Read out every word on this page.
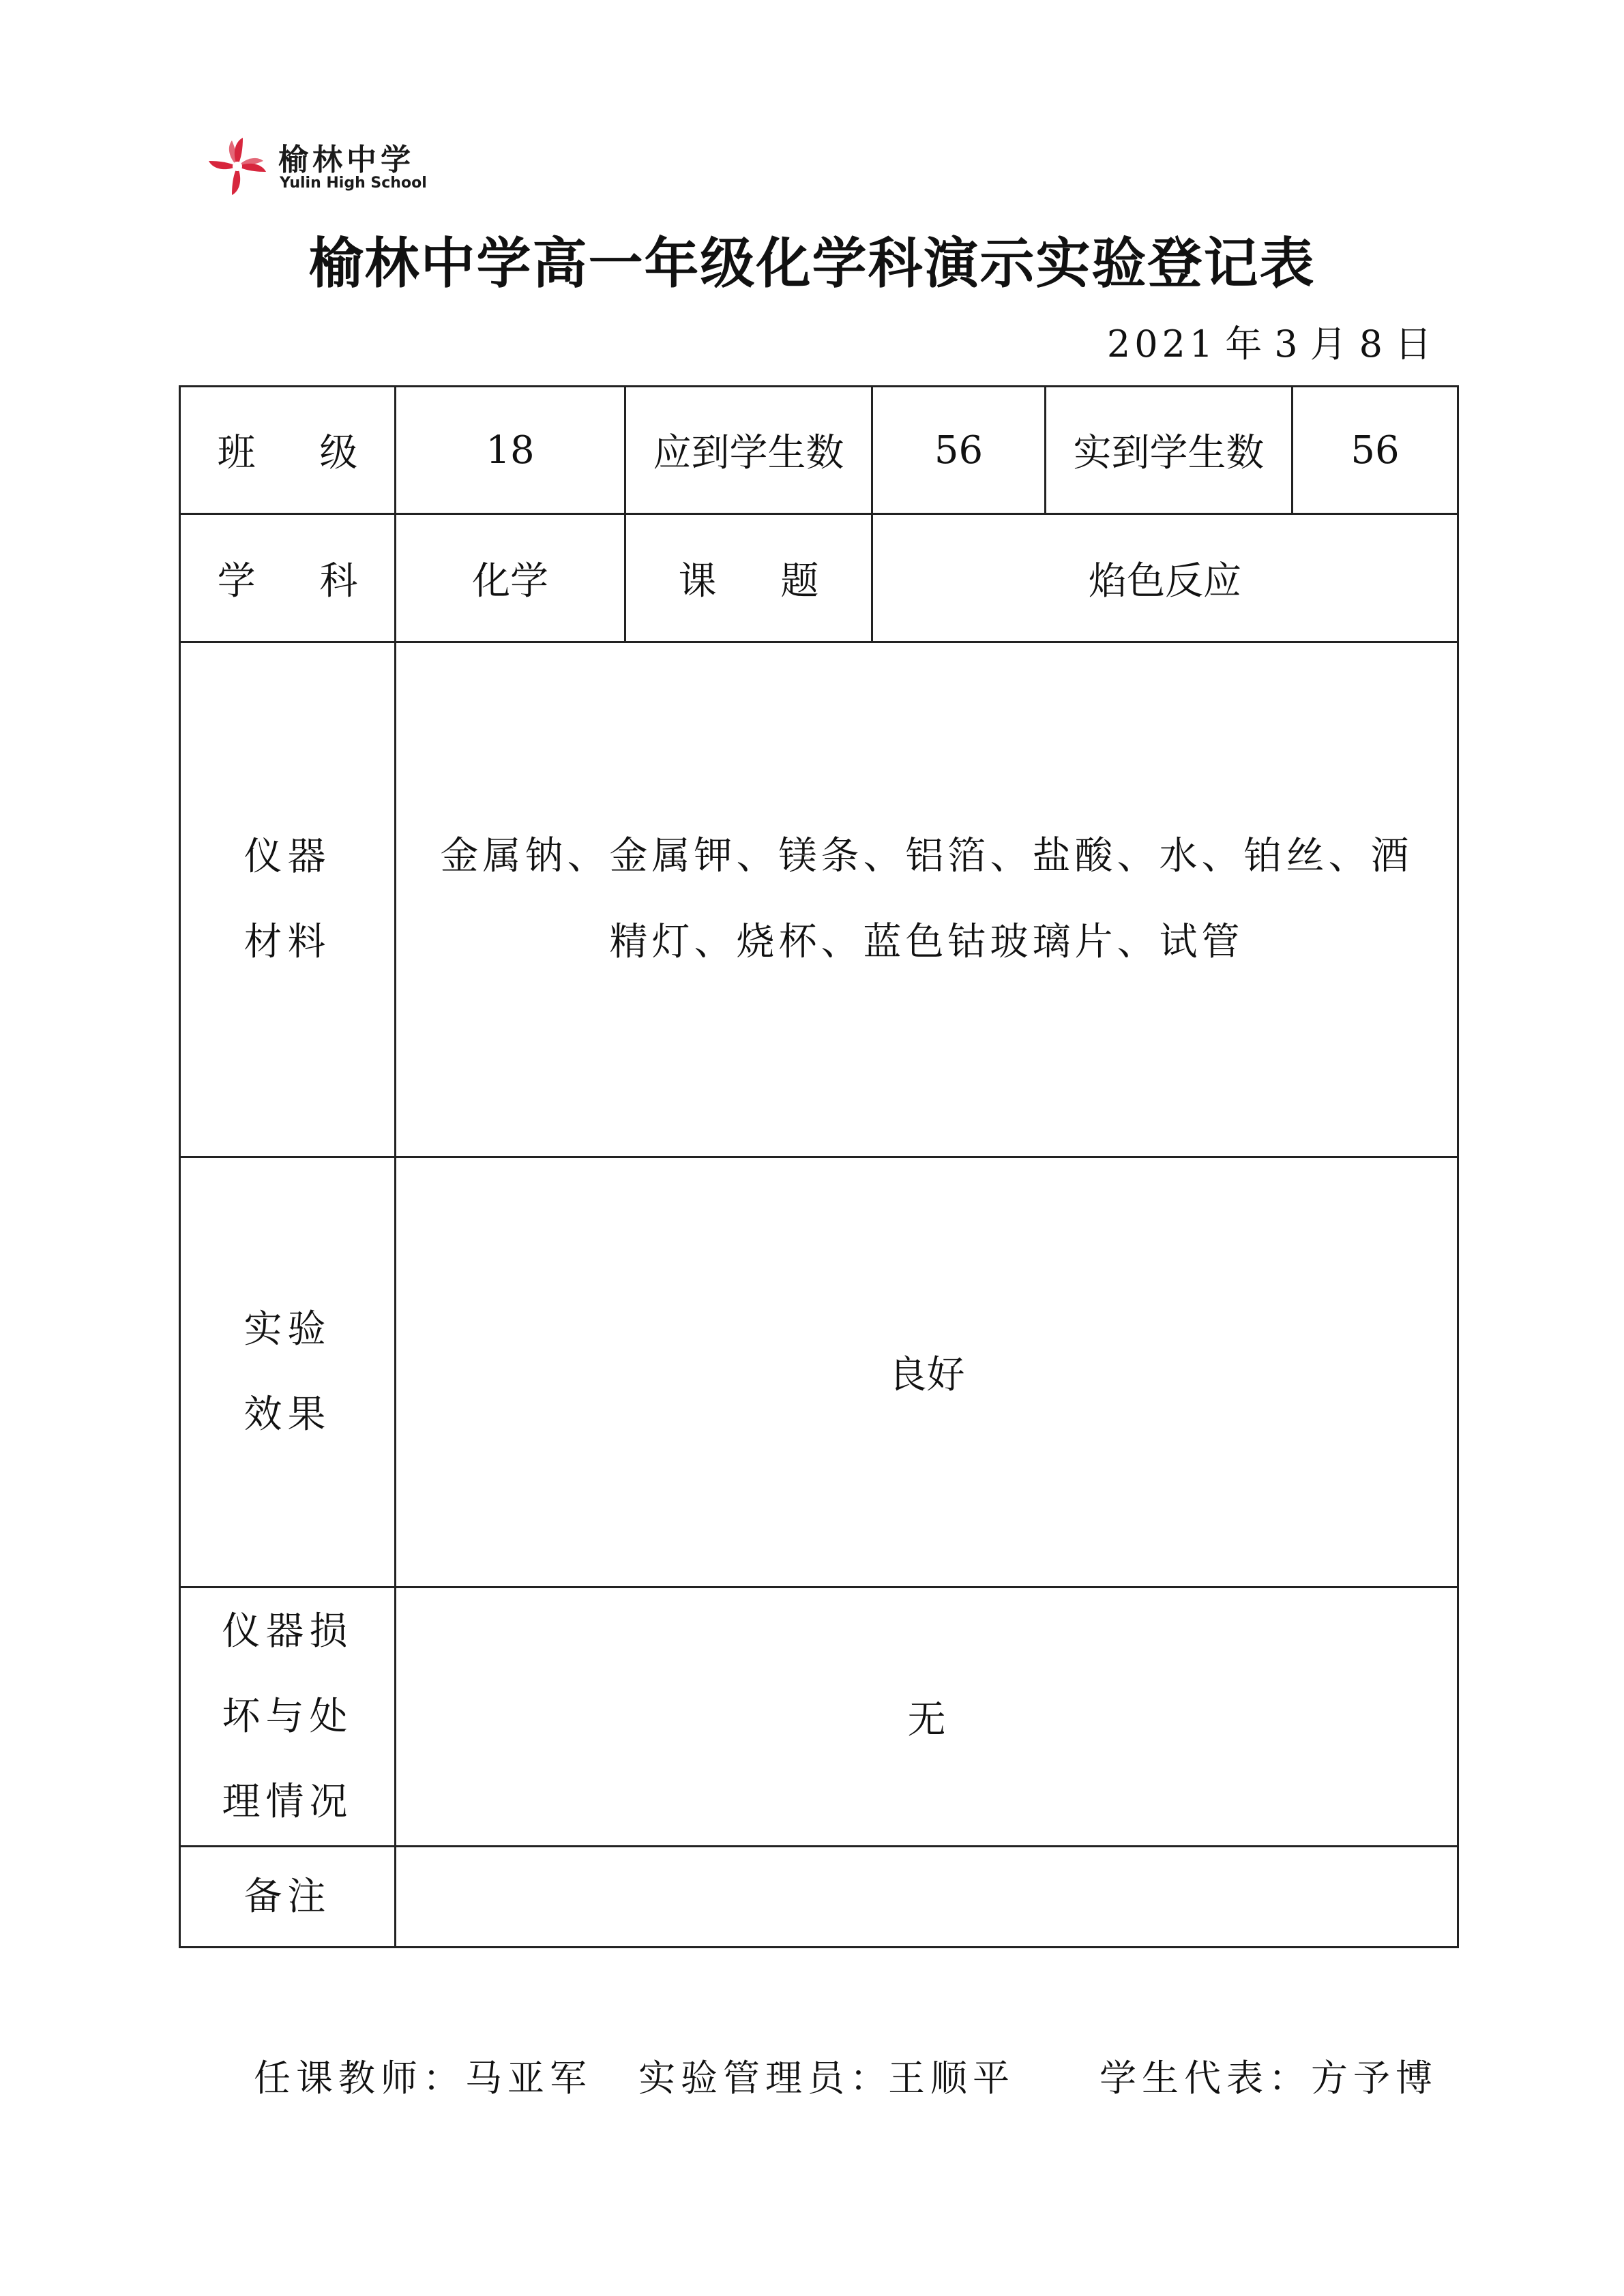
榆林中学
Yulin High School
榆林中学高一年级化学科演示实验登记表
2021 年 3 月 8 日
班 级	18	应到学生数	56	实到学生数	56
学 科	化学	课 题	焰色反应		

仪器
材料	金属钠、金属钾、镁条、铝箔、盐酸、水、铂丝、酒精灯、烧杯、蓝色钴玻璃片、试管				

实验
效果	良好				

仪器损
坏与处
理情况	无				
备注					
任课教师：马亚军 实验管理员：
王顺平 学生代表：方予博
